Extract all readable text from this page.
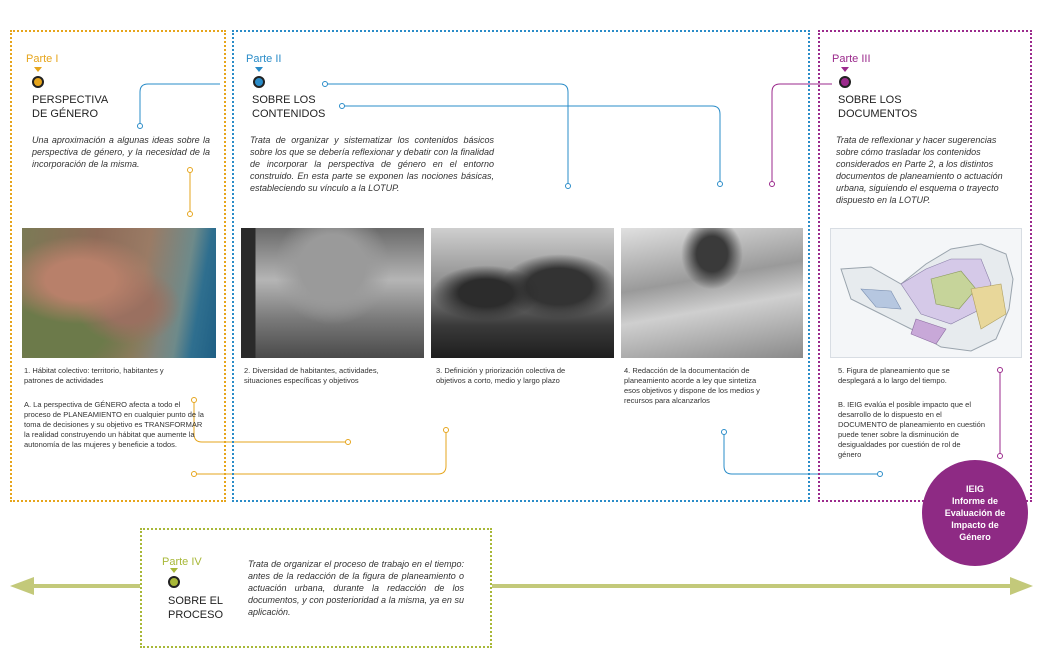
Parte I
PERSPECTIVA
DE GÉNERO
Una aproximación a algunas ideas sobre la perspectiva de género, y la necesidad de la incorporación de la misma.
1. Hábitat colectivo: territorio, habitantes y patrones de actividades
A. La perspectiva de GÉNERO afecta a todo el proceso de PLANEAMIENTO en cualquier punto de la toma de decisiones y su objetivo es TRANSFORMAR la realidad construyendo un hábitat que aumente la autonomía de las mujeres y beneficie a todos.
Parte II
SOBRE LOS
CONTENIDOS
Trata de organizar y sistematizar los contenidos básicos sobre los que se debería reflexionar y debatir con la finalidad de incorporar la perspectiva de género en el entorno construido. En esta parte se exponen las nociones básicas, estableciendo su vínculo a la LOTUP.
2. Diversidad de habitantes, actividades, situaciones específicas y objetivos
3. Definición y priorización colectiva de objetivos a corto, medio y largo plazo
4. Redacción de la documentación de planeamiento acorde a ley que sintetiza esos objetivos y dispone de los medios y recursos para alcanzarlos
Parte III
SOBRE LOS
DOCUMENTOS
Trata de reflexionar y hacer sugerencias sobre cómo trasladar los contenidos considerados en Parte 2, a los distintos documentos de planeamiento o actuación urbana, siguiendo el esquema o trayecto dispuesto en la LOTUP.
5. Figura de planeamiento que se desplegará a lo largo del tiempo.
B. IEIG evalúa el posible impacto que el desarrollo de lo dispuesto en el DOCUMENTO de planeamiento en cuestión puede tener sobre la disminución de desigualdades por cuestión de rol de género
IEIG
Informe de
Evaluación de
Impacto de
Género
Parte IV
SOBRE EL
PROCESO
Trata de organizar el proceso de trabajo en el tiempo: antes de la redacción de la figura de planeamiento o actuación urbana, durante la redacción de los documentos, y con posterioridad a la misma, ya en su aplicación.
